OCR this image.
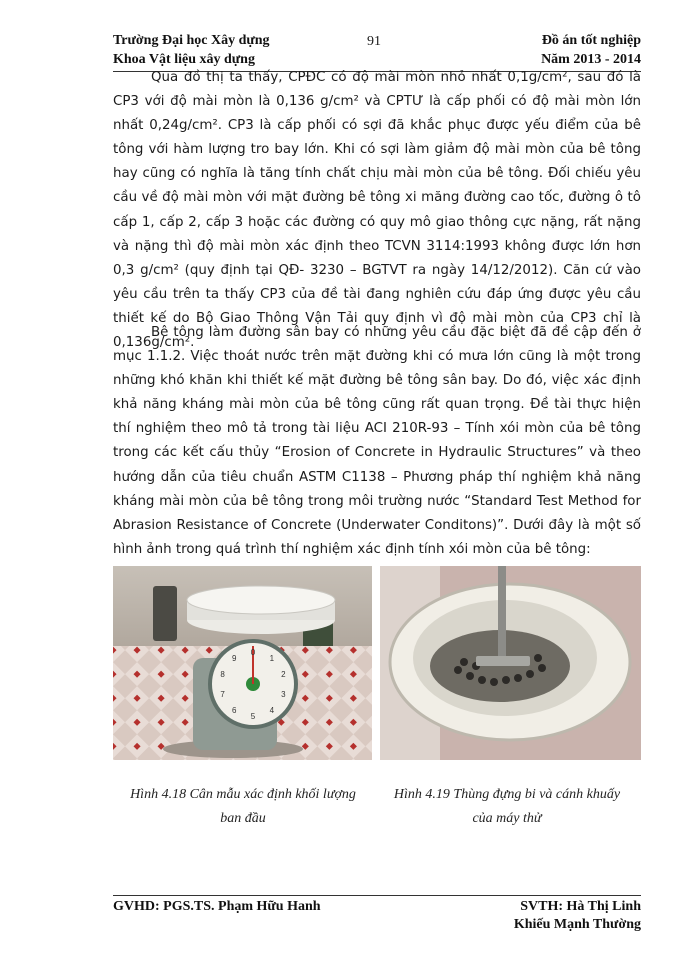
Trường Đại học Xây dựng
Khoa Vật liệu xây dựng
91	Đồ án tốt nghiệp
Năm 2013 - 2014
Qua đồ thị ta thấy, CPĐC có độ mài mòn nhỏ nhất 0,1g/cm², sau đó là CP3 với độ mài mòn là 0,136 g/cm² và CPTƯ là cấp phối có độ mài mòn lớn nhất 0,24g/cm². CP3 là cấp phối có sợi đã khắc phục được yếu điểm của bê tông với hàm lượng tro bay lớn. Khi có sợi làm giảm độ mài mòn của bê tông hay cũng có nghĩa là tăng tính chất chịu mài mòn của bê tông. Đối chiếu yêu cầu về độ mài mòn với mặt đường bê tông xi măng đường cao tốc, đường ô tô cấp 1, cấp 2, cấp 3 hoặc các đường có quy mô giao thông cực nặng, rất nặng và nặng thì độ mài mòn xác định theo TCVN 3114:1993 không được lớn hơn 0,3 g/cm² (quy định tại QĐ- 3230 – BGTVT ra ngày 14/12/2012). Căn cứ vào yêu cầu trên ta thấy CP3 của đề tài đang nghiên cứu đáp ứng được yêu cầu thiết kế do Bộ Giao Thông Vận Tải quy định vì độ mài mòn của CP3 chỉ là 0,136g/cm².
Bê tông làm đường sân bay có những yêu cầu đặc biệt đã đề cập đến ở mục 1.1.2. Việc thoát nước trên mặt đường khi có mưa lớn cũng là một trong những khó khăn khi thiết kế mặt đường bê tông sân bay. Do đó, việc xác định khả năng kháng mài mòn của bê tông cũng rất quan trọng. Đề tài thực hiện thí nghiệm theo mô tả trong tài liệu ACI 210R-93 – Tính xói mòn của bê tông trong các kết cấu thủy “Erosion of Concrete in Hydraulic Structures” và theo hướng dẫn của tiêu chuẩn ASTM C1138 – Phương pháp thí nghiệm khả năng kháng mài mòn của bê tông trong môi trường nước “Standard Test Method for Abrasion Resistance of Concrete (Underwater Conditons)”. Dưới đây là một số hình ảnh trong quá trình thí nghiệm xác định tính xói mòn của bê tông:
0
1
2
3
4
5
6
7
8
9
Hình 4.18 Cân mẫu xác định khối lượng
ban đầu
Hình 4.19 Thùng đựng bi và cánh khuấy
của máy thử
GVHD: PGS.TS. Phạm Hữu Hanh	SVTH: Hà Thị Linh
Khiếu Mạnh Thường
